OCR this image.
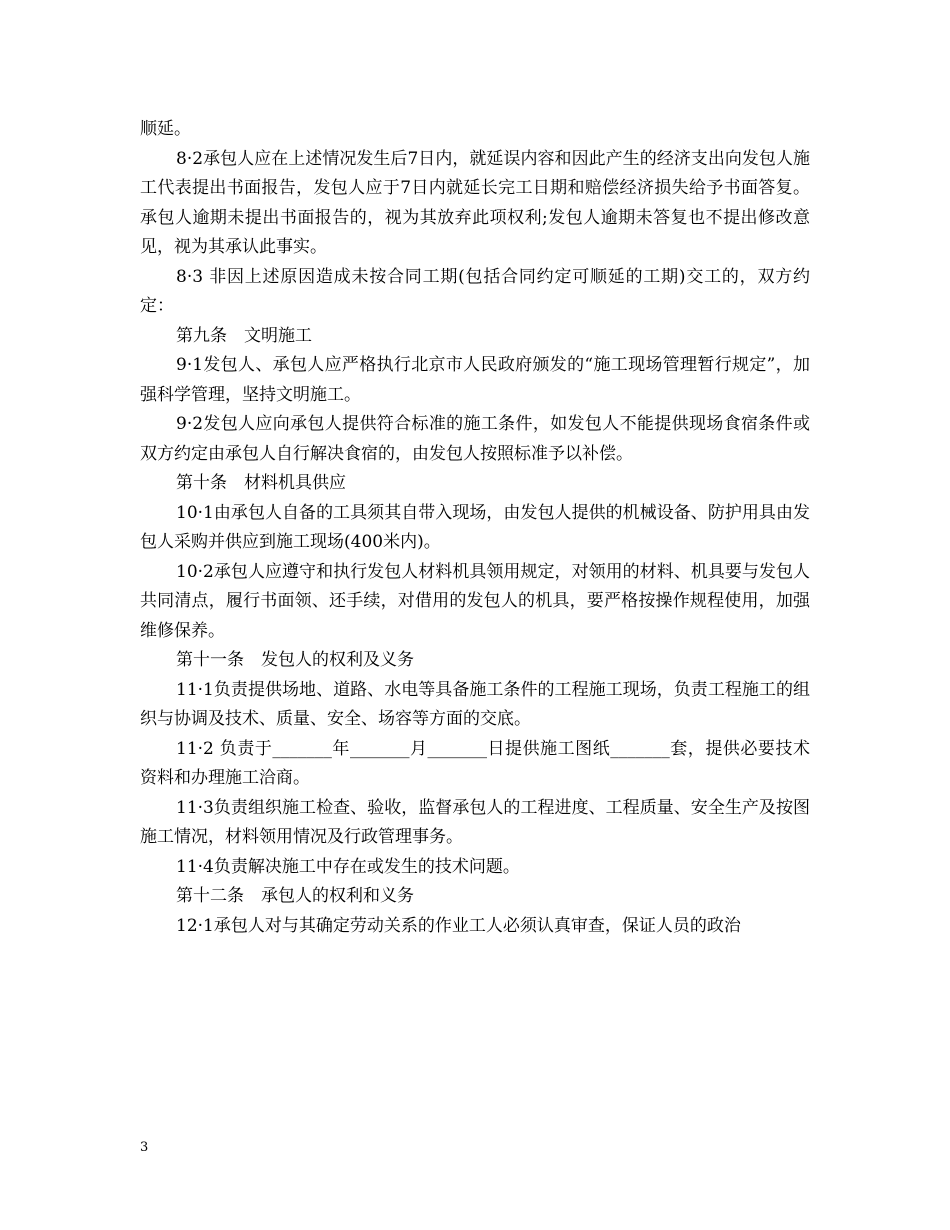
顺延。

8·2承包人应在上述情况发生后7日内，就延误内容和因此产生的经济支出向发包人施工代表提出书面报告，发包人应于7日内就延长完工日期和赔偿经济损失给予书面答复。承包人逾期未提出书面报告的，视为其放弃此项权利;发包人逾期未答复也不提出修改意见，视为其承认此事实。

8·3 非因上述原因造成未按合同工期(包括合同约定可顺延的工期)交工的，双方约定：

第九条　文明施工

9·1发包人、承包人应严格执行北京市人民政府颁发的“施工现场管理暂行规定”，加强科学管理，坚持文明施工。

9·2发包人应向承包人提供符合标准的施工条件，如发包人不能提供现场食宿条件或双方约定由承包人自行解决食宿的，由发包人按照标准予以补偿。

第十条　材料机具供应

10·1由承包人自备的工具须其自带入现场，由发包人提供的机械设备、防护用具由发包人采购并供应到施工现场(400米内)。

10·2承包人应遵守和执行发包人材料机具领用规定，对领用的材料、机具要与发包人共同清点，履行书面领、还手续，对借用的发包人的机具，要严格按操作规程使用，加强维修保养。

第十一条　发包人的权利及义务

11·1负责提供场地、道路、水电等具备施工条件的工程施工现场，负责工程施工的组织与协调及技术、质量、安全、场容等方面的交底。

11·2 负责于_______年_______月_______日提供施工图纸_______套，提供必要技术资料和办理施工洽商。

11·3负责组织施工检查、验收，监督承包人的工程进度、工程质量、安全生产及按图施工情况，材料领用情况及行政管理事务。

11·4负责解决施工中存在或发生的技术问题。

第十二条　承包人的权利和义务

12·1承包人对与其确定劳动关系的作业工人必须认真审查，保证人员的政治

3
